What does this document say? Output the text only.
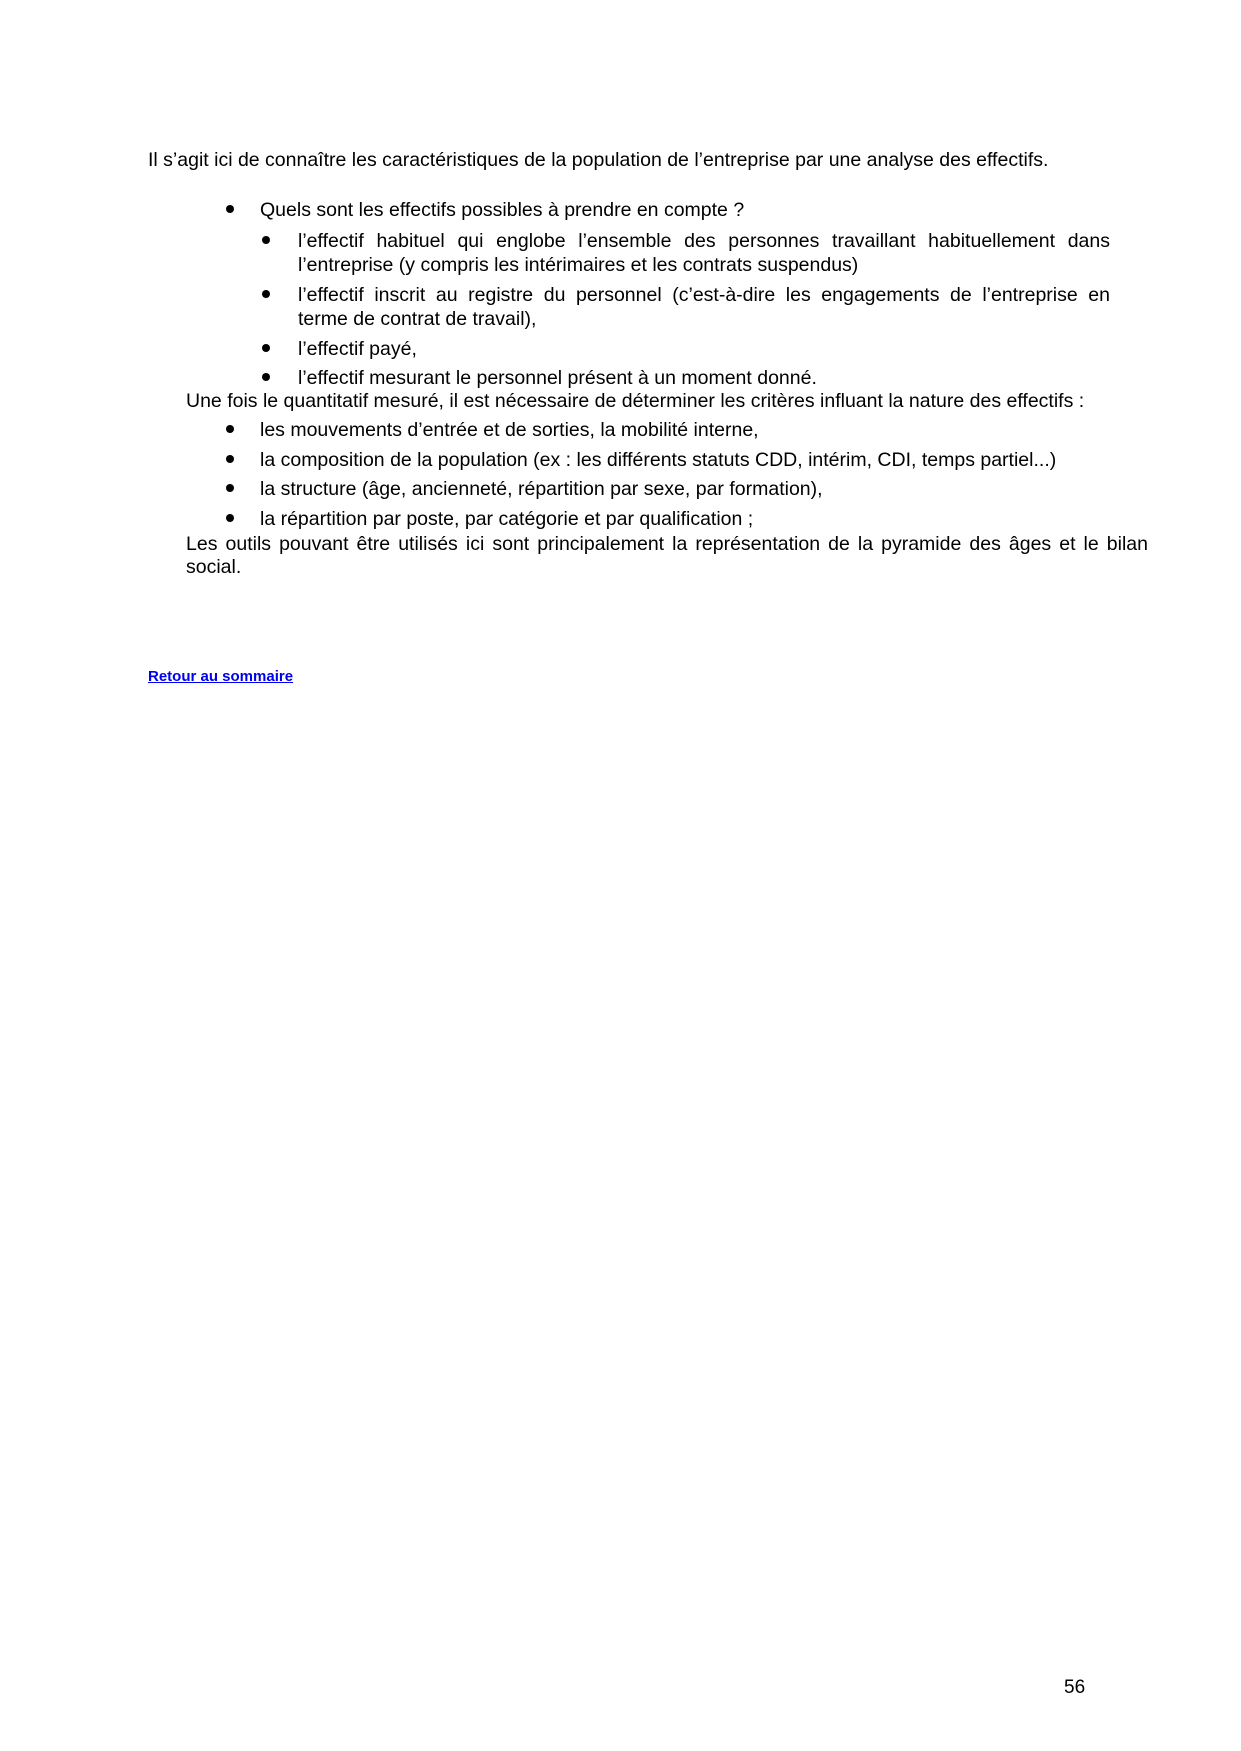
Il s’agit ici de connaître les caractéristiques de la population de l’entreprise par une analyse des effectifs.

Quels sont les effectifs possibles à prendre en compte ?

l’effectif habituel qui englobe l’ensemble des personnes travaillant habituellement dans

l’entreprise (y compris les intérimaires et les contrats suspendus)

l’effectif inscrit au registre du personnel (c’est-à-dire les engagements de l’entreprise en

terme de contrat de travail),

l’effectif payé,

l’effectif mesurant le personnel présent à un moment donné.

Une fois le quantitatif mesuré, il est nécessaire de déterminer les critères influant la nature des effectifs :

les mouvements d’entrée et de sorties, la mobilité interne,

la composition de la population (ex : les différents statuts CDD, intérim, CDI, temps partiel...)

la structure (âge, ancienneté, répartition par sexe, par formation),

la répartition par poste, par catégorie et par qualification ;

Les outils pouvant être utilisés ici sont principalement la représentation de la pyramide des âges et le bilan social.

Retour au sommaire
56
